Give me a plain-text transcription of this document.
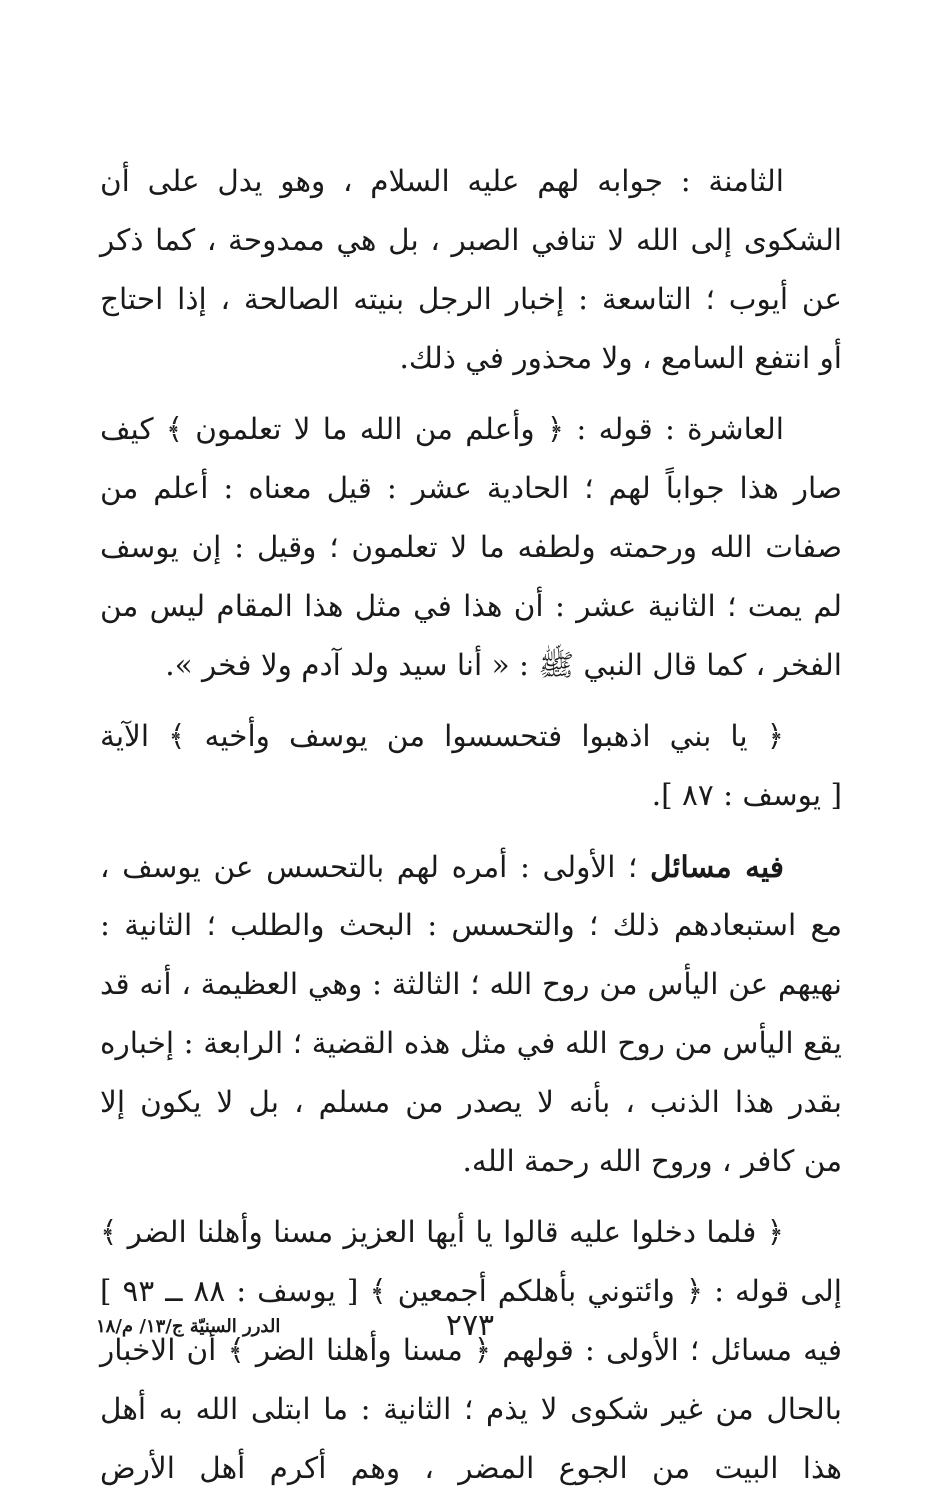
الثامنة : جوابه لهم عليه السلام ، وهو يدل على أن
الشكوى إلى الله لا تنافي الصبر ، بل هي ممدوحة ، كما ذكر
عن أيوب ؛ التاسعة : إخبار الرجل بنيته الصالحة ، إذا احتاج
أو انتفع السامع ، ولا محذور في ذلك.
العاشرة : قوله : ﴿ وأعلم من الله ما لا تعلمون ﴾ كيف
صار هذا جواباً لهم ؛ الحادية عشر : قيل معناه : أعلم من
صفات الله ورحمته ولطفه ما لا تعلمون ؛ وقيل : إن يوسف
لم يمت ؛ الثانية عشر : أن هذا في مثل هذا المقام ليس من
الفخر ، كما قال النبي ﷺ : « أنا سيد ولد آدم ولا فخر ».
﴿ يا بني اذهبوا فتحسسوا من يوسف وأخيه ﴾ الآية
[ يوسف : ٨٧ ].
فيه مسائل ؛ الأولى : أمره لهم بالتحسس عن يوسف ،
مع استبعادهم ذلك ؛ والتحسس : البحث والطلب ؛ الثانية :
نهيهم عن اليأس من روح الله ؛ الثالثة : وهي العظيمة ، أنه قد
يقع اليأس من روح الله في مثل هذه القضية ؛ الرابعة : إخباره
بقدر هذا الذنب ، بأنه لا يصدر من مسلم ، بل لا يكون إلا
من كافر ، وروح الله رحمة الله.
﴿ فلما دخلوا عليه قالوا يا أيها العزيز مسنا وأهلنا الضر ﴾
إلى قوله : ﴿ وائتوني بأهلكم أجمعين ﴾ [ يوسف : ٨٨ ــ ٩٣ ]
فيه مسائل ؛ الأولى : قولهم ﴿ مسنا وأهلنا الضر ﴾ أن الاخبار
بالحال من غير شكوى لا يذم ؛ الثانية : ما ابتلى الله به أهل
هذا البيت من الجوع المضر ، وهم أكرم أهل الأرض
٢٧٣
الدرر السنيّة ج/١٣/ م/١٨
